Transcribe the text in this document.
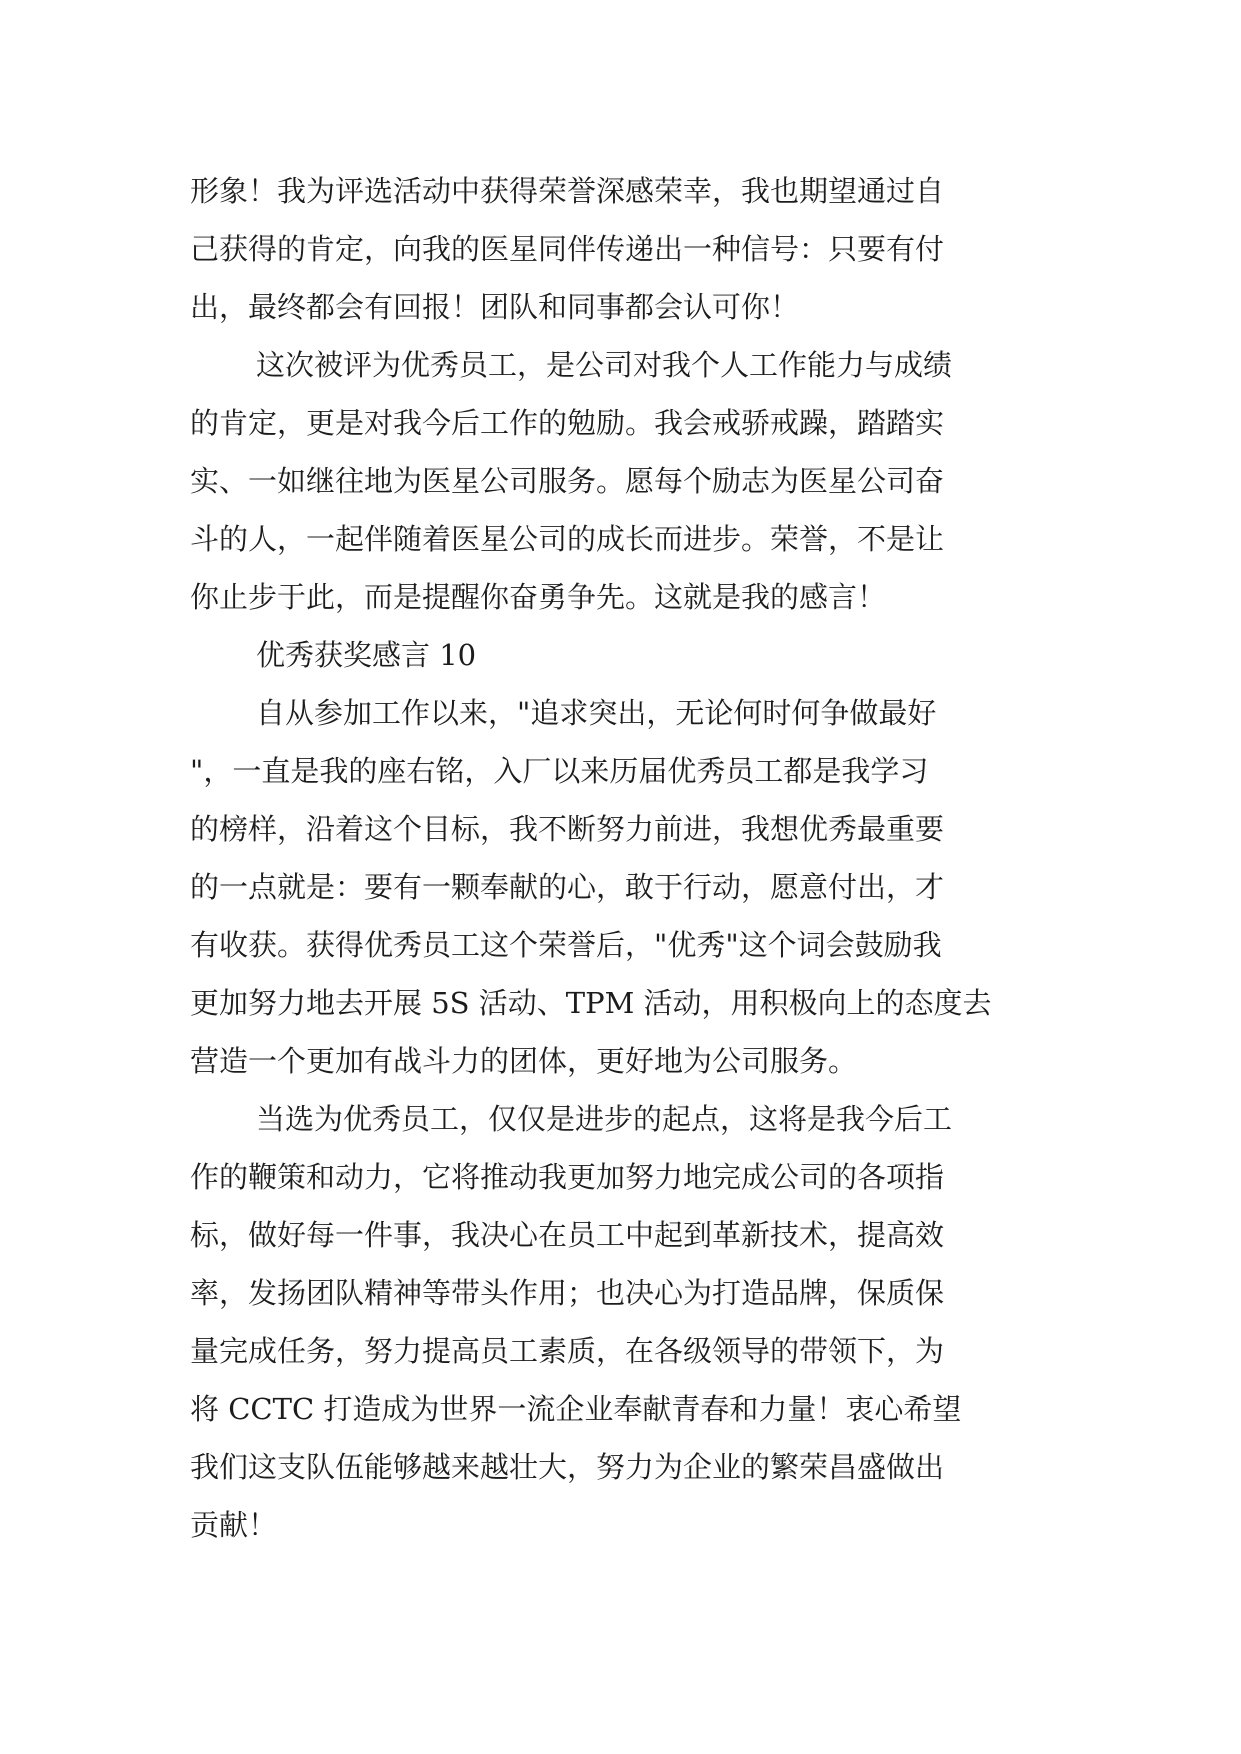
形象！我为评选活动中获得荣誉深感荣幸，我也期望通过自
己获得的肯定，向我的医星同伴传递出一种信号：只要有付
出，最终都会有回报！团队和同事都会认可你！
这次被评为优秀员工，是公司对我个人工作能力与成绩
的肯定，更是对我今后工作的勉励。我会戒骄戒躁，踏踏实
实、一如继往地为医星公司服务。愿每个励志为医星公司奋
斗的人，一起伴随着医星公司的成长而进步。荣誉，不是让
你止步于此，而是提醒你奋勇争先。这就是我的感言！
优秀获奖感言 10
自从参加工作以来，"追求突出，无论何时何争做最好
"，一直是我的座右铭，入厂以来历届优秀员工都是我学习
的榜样，沿着这个目标，我不断努力前进，我想优秀最重要
的一点就是：要有一颗奉献的心，敢于行动，愿意付出，才
有收获。获得优秀员工这个荣誉后，"优秀"这个词会鼓励我
更加努力地去开展 5S 活动、TPM 活动，用积极向上的态度去
营造一个更加有战斗力的团体，更好地为公司服务。
当选为优秀员工，仅仅是进步的起点，这将是我今后工
作的鞭策和动力，它将推动我更加努力地完成公司的各项指
标，做好每一件事，我决心在员工中起到革新技术，提高效
率，发扬团队精神等带头作用；也决心为打造品牌，保质保
量完成任务，努力提高员工素质，在各级领导的带领下，为
将 CCTC 打造成为世界一流企业奉献青春和力量！衷心希望
我们这支队伍能够越来越壮大，努力为企业的繁荣昌盛做出
贡献！
